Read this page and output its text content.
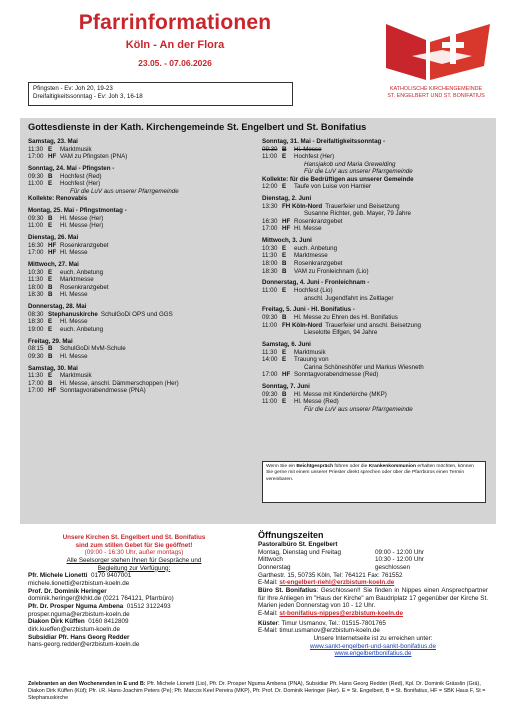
Pfarrinformationen
Köln - An der Flora
23.05. - 07.06.2026
KATHOLISCHE KIRCHENGEMEINDE
ST. ENGELBERT UND ST. BONIFATIUS
Pfingsten - Ev: Joh 20, 19-23
Dreifaltigkeitssonntag - Ev: Joh 3, 16-18
Gottesdienste in der Kath. Kirchengemeinde St. Engelbert und St. Bonifatius
Samstag, 23. Mai
11:30 E	Marktmusik
17:00 HF VAM zu Pfingsten (PNA)
Sonntag, 24. Mai - Pfingsten -
09:30 B	Hochfest (Red)
11:00 E	Hochfest (Her)
Für die LuV aus unserer Pfarrgemeinde
Kollekte: Renovabis
Montag, 25. Mai - Pfingstmontag -
09:30 B	Hl. Messe (Her)
11:00 E	Hl. Messe (Her)
Dienstag, 26. Mai
16:30 HF Rosenkranzgebet
17:00 HF Hl. Messe
Mittwoch, 27. Mai
10:30 E	euch. Anbetung
11:30 E	Marktmesse
18:00 B	Rosenkranzgebet
18:30 B	Hl. Messe
Donnerstag, 28. Mai
08:30 Stephanuskirche SchulGoDi OPS und GGS
18:30 E	Hl. Messe
19:00 E	euch. Anbetung
Freitag, 29. Mai
08:15 B	SchulGoDi MvM-Schule
09:30 B	Hl. Messe
Samstag, 30. Mai
11:30 E	Marktmusik
17:00 B	Hl. Messe, anschl. Dämmerschoppen (Her)
17:00 HF Sonntagvorabendmesse (PNA)
Sonntag, 31. Mai - Dreifaltigkeitssonntag -
09:30 B	Hl. Messe
11:00 E	Hochfest (Her)
Hansjakob und Maria Grewelding
Für die LuV aus unserer Pfarrgemeinde
Kollekte: für die Bedrüftigen aus unserer Gemeinde
12:00 E	Taufe von Luise von Harnier
Dienstag, 2. Juni
13:30 FH Köln-Nord Trauerfeier und Beisetzung
Susanne Richter, geb. Mayer, 79 Jahre
16:30 HF Rosenkranzgebet
17:00 HF Hl. Messe
Mittwoch, 3. Juni
10:30 E	euch. Anbetung
11:30 E	Marktmesse
18:00 B	Rosenkranzgebet
18:30 B	VAM zu Fronleichnam (Lio)
Donnerstag, 4. Juni - Fronleichnam -
11:00 E	Hochfest (Lio)
anschl. Jugendfahrt ins Zeltlager
Freitag, 5. Juni - Hl. Bonifatius -
09:30 B	Hl. Messe zu Ehren des Hl. Bonifatius
11:00 FH Köln-Nord Trauerfeier und anschl. Beisetzung
Lieselotte Elfgen, 94 Jahre
Samstag, 6. Juni
11:30 E	Marktmusik
14:00 E	Trauung von
Carina Schöneshöfer und Markus Wiesneth
17:00 HF Sonntagvorabendmesse (Red)
Sonntag, 7. Juni
09:30 B	Hl. Messe mit Kinderkirche (MKP)
11:00 E	Hl. Messe (Red)
Für die LuV aus unserer Pfarrgemeinde
Wenn Sie ein Beichtgespräch führen oder die Krankenkommunion erhalten möchten, können Sie gerne mit einem unserer Priester direkt sprechen oder über die Pfarrbüros einen Termin vereinbaren.
Unsere Kirchen St. Engelbert und St. Bonifatius
sind zum stillen Gebet für Sie geöffnet!
(09:00 - 16:30 Uhr, außer montags)
Alle Seelsorger stehen Ihnen für Gespräche und
Begleitung zur Verfügung:
Pfr. Michele Lionetti 0170 9407001
michele.lionetti@erzbistum-koeln.de
Prof. Dr. Dominik Heringer
dominik.heringer@khkt.de (0221 764121, Pfarrbüro)
Pfr. Dr. Prosper Nguma Ambena 01512 3122493
prosper.nguma@erzbistum-koeln.de
Diakon Dirk Küffen 0160 8412809
dirk.kueffen@erzbistum-koeln.de
Subsidiar Pfr. Hans Georg Redder
hans-georg.redder@erzbistum-koeln.de
Öffnungszeiten
Pastoralbüro St. Engelbert
Montag, Dienstag und Freitag	09:00 - 12:00 Uhr
Mittwoch	10:30 - 12:00 Uhr
Donnerstag	geschlossen
Garthestr. 15, 50735 Köln, Tel: 764121 Fax: 761552
E-Mail: st-engelbert-riehl@erzbistum-koeln.de
Büro St. Bonifatius: Geschlossen!! Sie finden in Nippes einen Ansprechpartner für Ihre Anliegen im "Haus der Kirche" am Baudriplatz 17 gegenüber der Kirche St. Marien jeden Donnerstag von 10 - 12 Uhr.
E-Mail: st-bonifatius-nippes@erzbistum-koeln.de
Küster: Timur Usmanov, Tel.: 01515-7801765
E-Mail: timur.usmanov@erzbistum-koeln.de
Unsere Internetseite ist zu erreichen unter:
www.sankt-engelbert-und-sankt-bonifatius.de
www.engelbertbonifatius.de
Zelebranten an den Wochenenden in E und B: Pfr. Michele Lionetti (Lio), Pfr. Dr. Prosper Nguma Ambena (PNA), Subsidiar Pfr. Hans Georg Redder (Red), Kpl. Dr. Dominik Grässlin (Grä), Diakon Dirk Küffen (Küf); Pfr. i.R. Hans-Joachim Peters (Pe); Pfr. Marcos Keel Pereira (MKP), Pfr. Prof. Dr. Dominik Heringer (Her). E = St. Engelbert, B = St. Bonifatius, HF = SBK Haus F, St = Stephanuskirche
